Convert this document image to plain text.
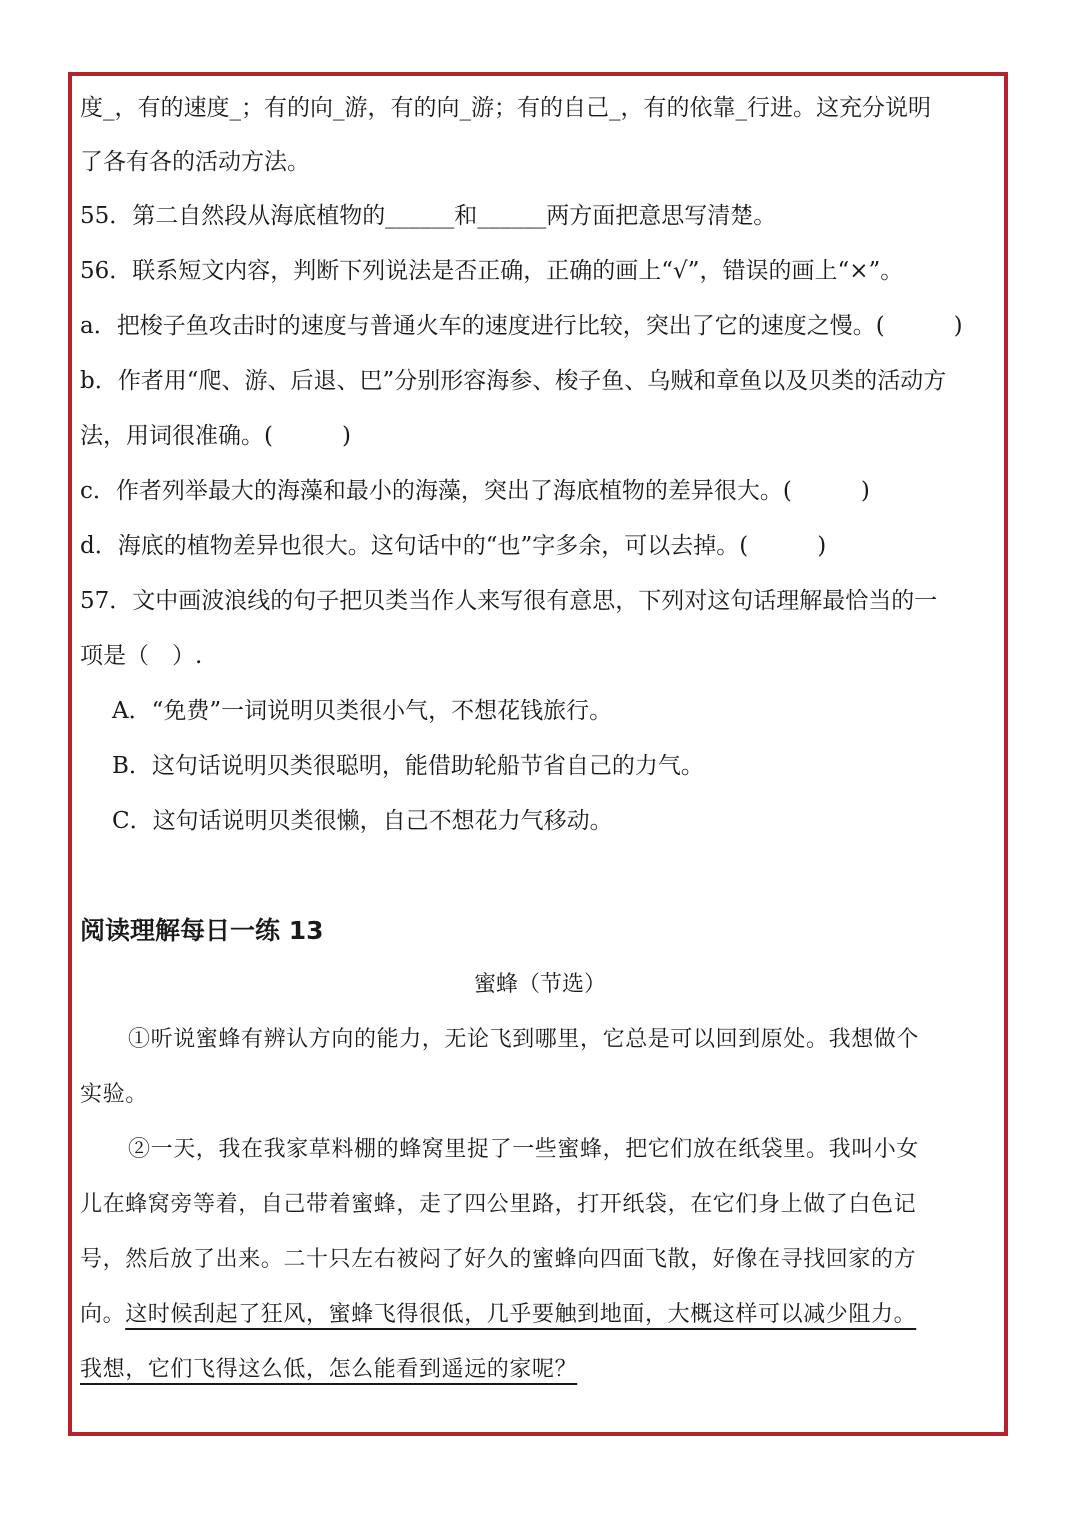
度_，有的速度_；有的向_游，有的向_游；有的自己_，有的依靠_行进。这充分说明
了各有各的活动方法。
55．第二自然段从海底植物的______和______两方面把意思写清楚。
56．联系短文内容，判断下列说法是否正确，正确的画上“√”，错误的画上“×”。
a．把梭子鱼攻击时的速度与普通火车的速度进行比较，突出了它的速度之慢。(　　　)
b．作者用“爬、游、后退、巴”分别形容海参、梭子鱼、乌贼和章鱼以及贝类的活动方
法，用词很准确。(　　　)
c．作者列举最大的海藻和最小的海藻，突出了海底植物的差异很大。(　　　)
d．海底的植物差异也很大。这句话中的“也”字多余，可以去掉。(　　　)
57．文中画波浪线的句子把贝类当作人来写很有意思，下列对这句话理解最恰当的一
项是（　）.
A．“免费”一词说明贝类很小气，不想花钱旅行。
B．这句话说明贝类很聪明，能借助轮船节省自己的力气。
C．这句话说明贝类很懒，自己不想花力气移动。
阅读理解每日一练 13
蜜蜂（节选）
①听说蜜蜂有辨认方向的能力，无论飞到哪里，它总是可以回到原处。我想做个
实验。
②一天，我在我家草料棚的蜂窝里捉了一些蜜蜂，把它们放在纸袋里。我叫小女
儿在蜂窝旁等着，自己带着蜜蜂，走了四公里路，打开纸袋，在它们身上做了白色记
号，然后放了出来。二十只左右被闷了好久的蜜蜂向四面飞散，好像在寻找回家的方
向。这时候刮起了狂风，蜜蜂飞得很低，几乎要触到地面，大概这样可以减少阻力。
我想，它们飞得这么低，怎么能看到遥远的家呢？
